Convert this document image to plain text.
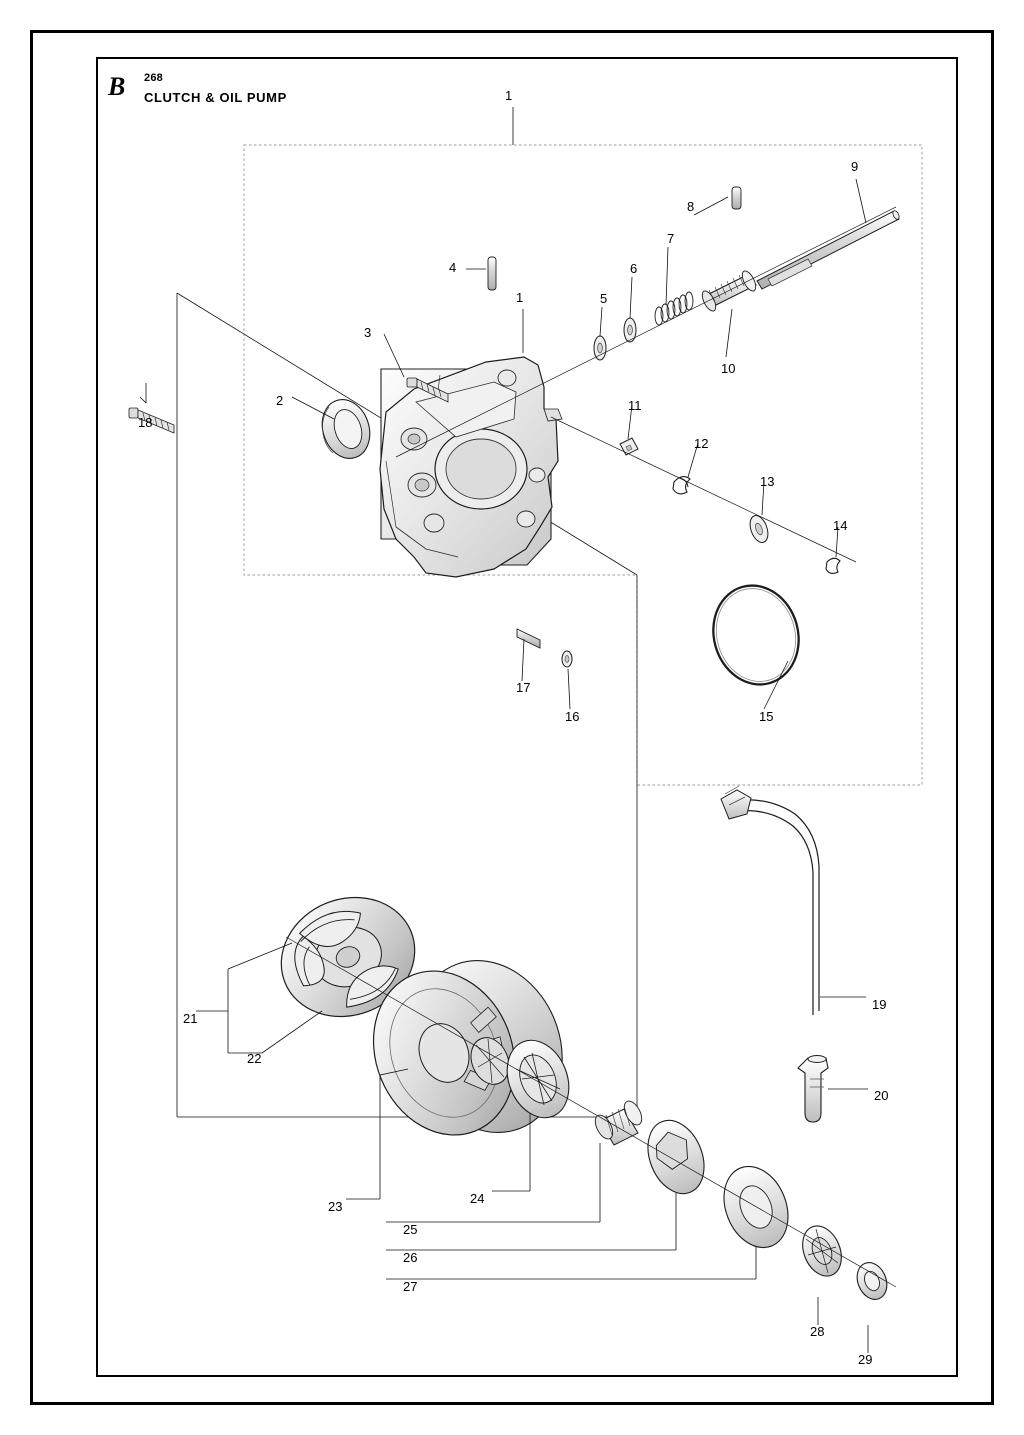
B 268
CLUTCH & OIL PUMP	1
1
2
3
4
5
6
7
8
9
10
11
12
13
14
15
16
17
18
19
20
21
22
23
24
25
26
27
28
29
